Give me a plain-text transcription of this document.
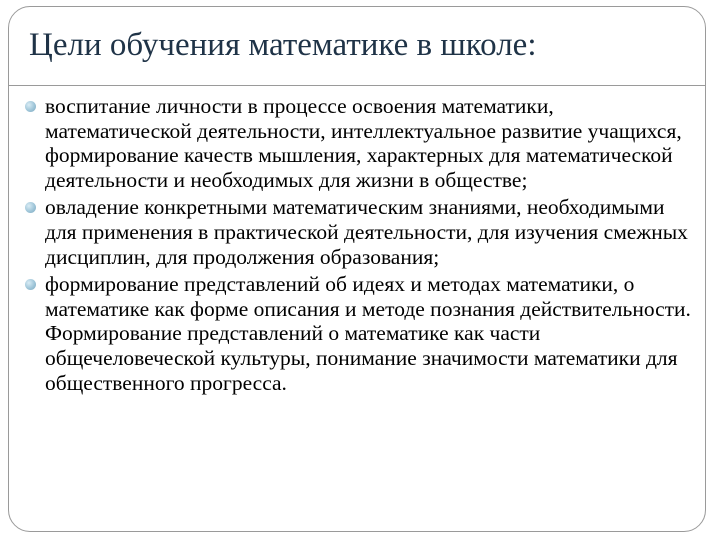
Цели обучения математике в школе:
воспитание личности в процессе освоения математики, математической деятельности, интеллектуальное развитие учащихся, формирование качеств мышления, характерных для математической деятельности и необходимых для жизни в обществе;
овладение конкретными математическим знаниями, необходимыми для применения в практической деятельности, для изучения смежных дисциплин, для продолжения образования;
формирование представлений об идеях и методах математики, о математике как форме описания и методе познания действительности. Формирование представлений о математике как части общечеловеческой культуры, понимание значимости математики для общественного прогресса.
